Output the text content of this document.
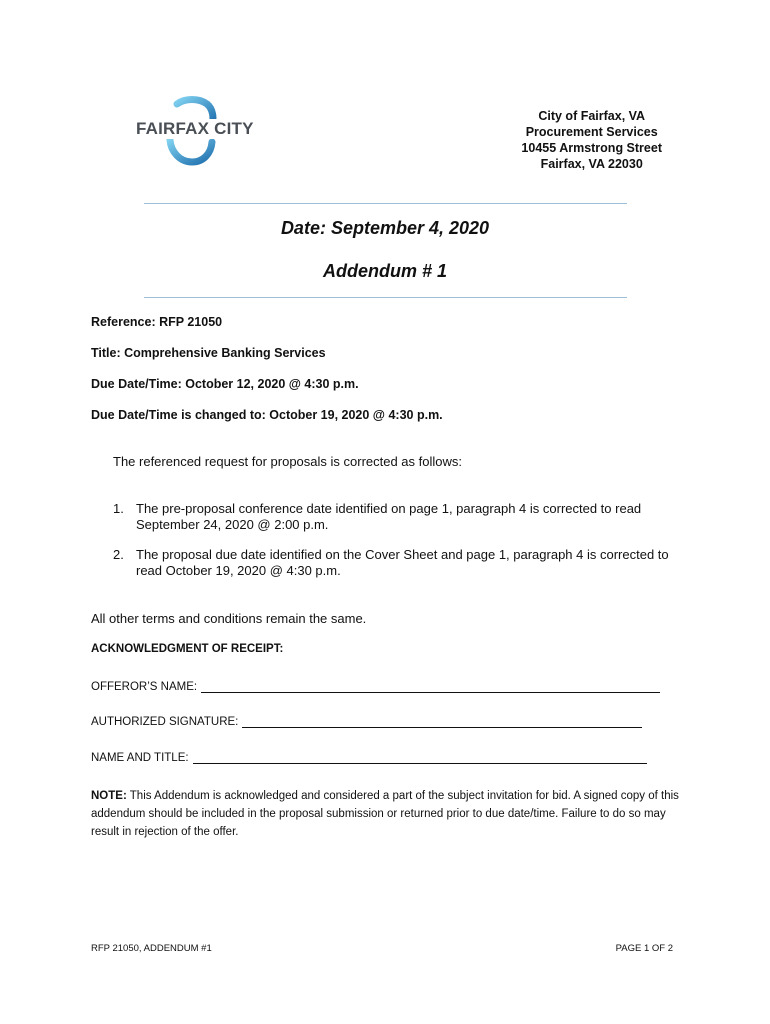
FAIRFAX CITY
City of Fairfax, VA
Procurement Services
10455 Armstrong Street
Fairfax, VA 22030
Date: September 4, 2020
Addendum # 1
Reference: RFP 21050
Title: Comprehensive Banking Services
Due Date/Time: October 12, 2020 @ 4:30 p.m.
Due Date/Time is changed to: October 19, 2020 @ 4:30 p.m.
The referenced request for proposals is corrected as follows:
1. The pre-proposal conference date identified on page 1, paragraph 4 is corrected to read September 24, 2020 @ 2:00 p.m.
2. The proposal due date identified on the Cover Sheet and page 1, paragraph 4 is corrected to read October 19, 2020 @ 4:30 p.m.
All other terms and conditions remain the same.
ACKNOWLEDGMENT OF RECEIPT:
OFFEROR’S NAME:
AUTHORIZED SIGNATURE:
NAME AND TITLE:
NOTE: This Addendum is acknowledged and considered a part of the subject invitation for bid. A signed copy of this addendum should be included in the proposal submission or returned prior to due date/time. Failure to do so may result in rejection of the offer.
RFP 21050, ADDENDUM #1	PAGE 1 OF 2
